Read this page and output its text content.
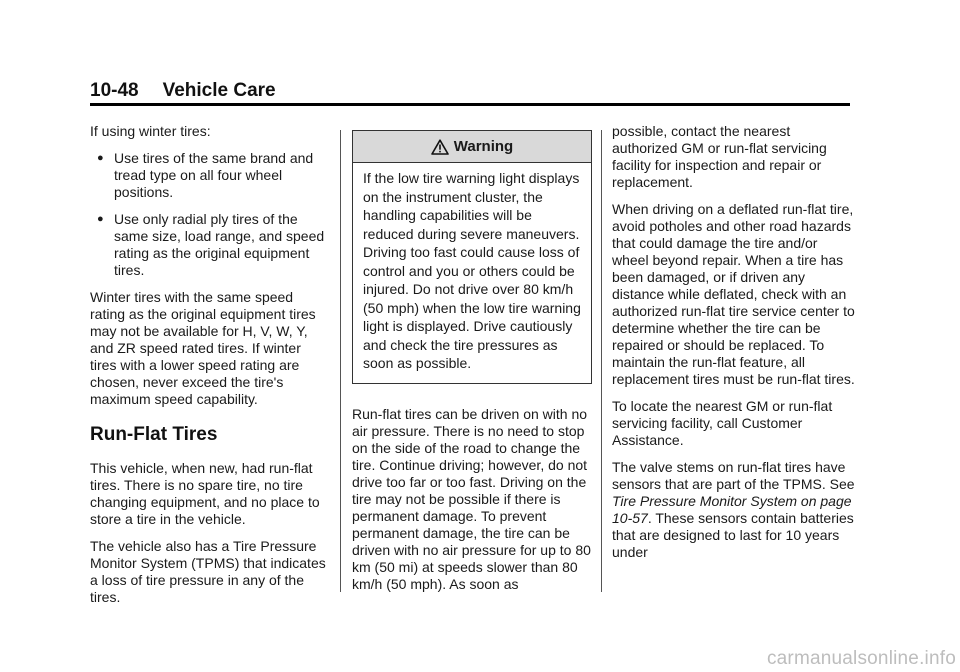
10-48 Vehicle Care

If using winter tires:

● Use tires of the same brand and tread type on all four wheel positions.
● Use only radial ply tires of the same size, load range, and speed rating as the original equipment tires.

Winter tires with the same speed rating as the original equipment tires may not be available for H, V, W, Y, and ZR speed rated tires. If winter tires with a lower speed rating are chosen, never exceed the tire's maximum speed capability.

Run-Flat Tires

This vehicle, when new, had run-flat tires. There is no spare tire, no tire changing equipment, and no place to store a tire in the vehicle.

The vehicle also has a Tire Pressure Monitor System (TPMS) that indicates a loss of tire pressure in any of the tires.

Warning

If the low tire warning light displays on the instrument cluster, the handling capabilities will be reduced during severe maneuvers. Driving too fast could cause loss of control and you or others could be injured. Do not drive over 80 km/h (50 mph) when the low tire warning light is displayed. Drive cautiously and check the tire pressures as soon as possible.

Run-flat tires can be driven on with no air pressure. There is no need to stop on the side of the road to change the tire. Continue driving; however, do not drive too far or too fast. Driving on the tire may not be possible if there is permanent damage. To prevent permanent damage, the tire can be driven with no air pressure for up to 80 km (50 mi) at speeds slower than 80 km/h (50 mph). As soon as

possible, contact the nearest authorized GM or run-flat servicing facility for inspection and repair or replacement.

When driving on a deflated run-flat tire, avoid potholes and other road hazards that could damage the tire and/or wheel beyond repair. When a tire has been damaged, or if driven any distance while deflated, check with an authorized run-flat tire service center to determine whether the tire can be repaired or should be replaced. To maintain the run-flat feature, all replacement tires must be run-flat tires.

To locate the nearest GM or run-flat servicing facility, call Customer Assistance.

The valve stems on run-flat tires have sensors that are part of the TPMS. See Tire Pressure Monitor System on page 10-57. These sensors contain batteries that are designed to last for 10 years under

carmanualsonline.info
